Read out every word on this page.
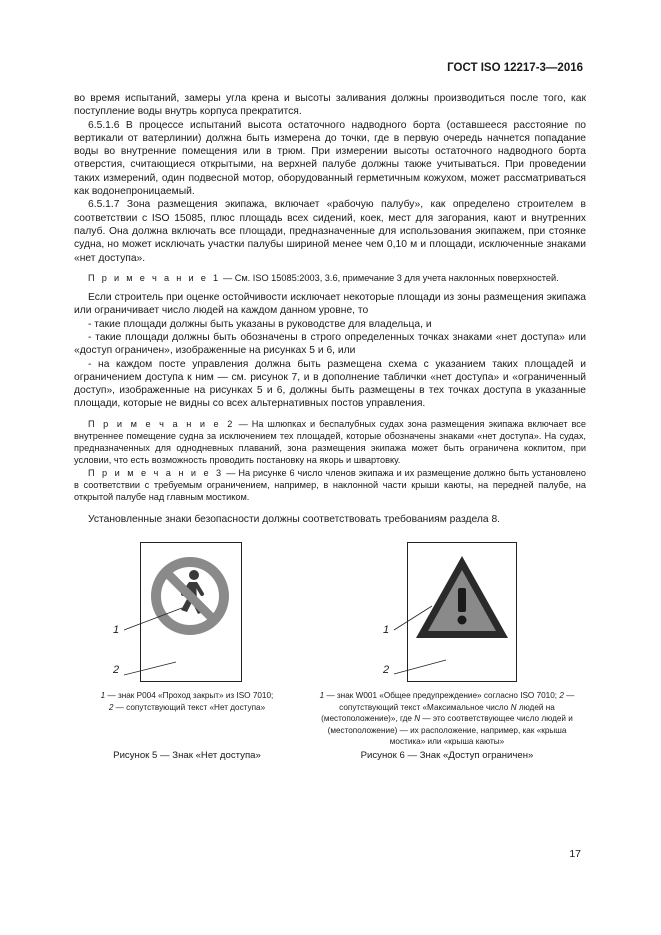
ГОСТ ISO 12217-3—2016

во время испытаний, замеры угла крена и высоты заливания должны производиться после того, как поступление воды внутрь корпуса прекратится.

6.5.1.6 В процессе испытаний высота остаточного надводного борта (оставшееся расстояние по вертикали от ватерлинии) должна быть измерена до точки, где в первую очередь начнется попадание воды во внутренние помещения или в трюм. При измерении высоты остаточного надводного борта отверстия, считающиеся открытыми, на верхней палубе должны также учитываться. При проведении таких измерений, один подвесной мотор, оборудованный герметичным кожухом, может рассматриваться как водонепроницаемый.

6.5.1.7 Зона размещения экипажа, включает «рабочую палубу», как определено строителем в соответствии с ISO 15085, плюс площадь всех сидений, коек, мест для загорания, кают и внутренних палуб. Она должна включать все площади, предназначенные для использования экипажем, при стоянке судна, но может исключать участки палубы шириной менее чем 0,10 м и площади, исключенные знаками «нет доступа».

П р и м е ч а н и е 1 — См. ISO 15085:2003, 3.6, примечание 3 для учета наклонных поверхностей.

Если строитель при оценке остойчивости исключает некоторые площади из зоны размещения экипажа или ограничивает число людей на каждом данном уровне, то

- такие площади должны быть указаны в руководстве для владельца, и

- такие площади должны быть обозначены в строго определенных точках знаками «нет доступа» или «доступ ограничен», изображенные на рисунках 5 и 6, или

- на каждом посте управления должна быть размещена схема с указанием таких площадей и ограничением доступа к ним — см. рисунок 7, и в дополнение таблички «нет доступа» и «ограниченный доступ», изображенные на рисунках 5 и 6, должны быть размещены в тех точках доступа в указанные площади, которые не видны со всех альтернативных постов управления.

П р и м е ч а н и е 2 — На шлюпках и беспалубных судах зона размещения экипажа включает все внутреннее помещение судна за исключением тех площадей, которые обозначены знаками «нет доступа». На судах, предназначенных для однодневных плаваний, зона размещения экипажа может быть ограничена кокпитом, при условии, что есть возможность проводить постановку на якорь и швартовку.

П р и м е ч а н и е 3 — На рисунке 6 число членов экипажа и их размещение должно быть установлено в соответствии с требуемым ограничением, например, в наклонной части крыши каюты, на передней палубе, на открытой палубе над главным мостиком.

Установленные знаки безопасности должны соответствовать требованиям раздела 8.

1
2
1 — знак P004 «Проход закрыт» из ISO 7010;
2 — сопутствующий текст «Нет доступа»
Рисунок 5 — Знак «Нет доступа»
1
2
1 — знак W001 «Общее предупреждение» согласно ISO 7010; 2 — сопутствующий текст «Максимальное число N людей на (местоположение)», где N — это соответствующее число людей и (местоположение) — их расположение, например, как «крыша мостика» или «крыша каюты»
Рисунок 6 — Знак «Доступ ограничен»
17
